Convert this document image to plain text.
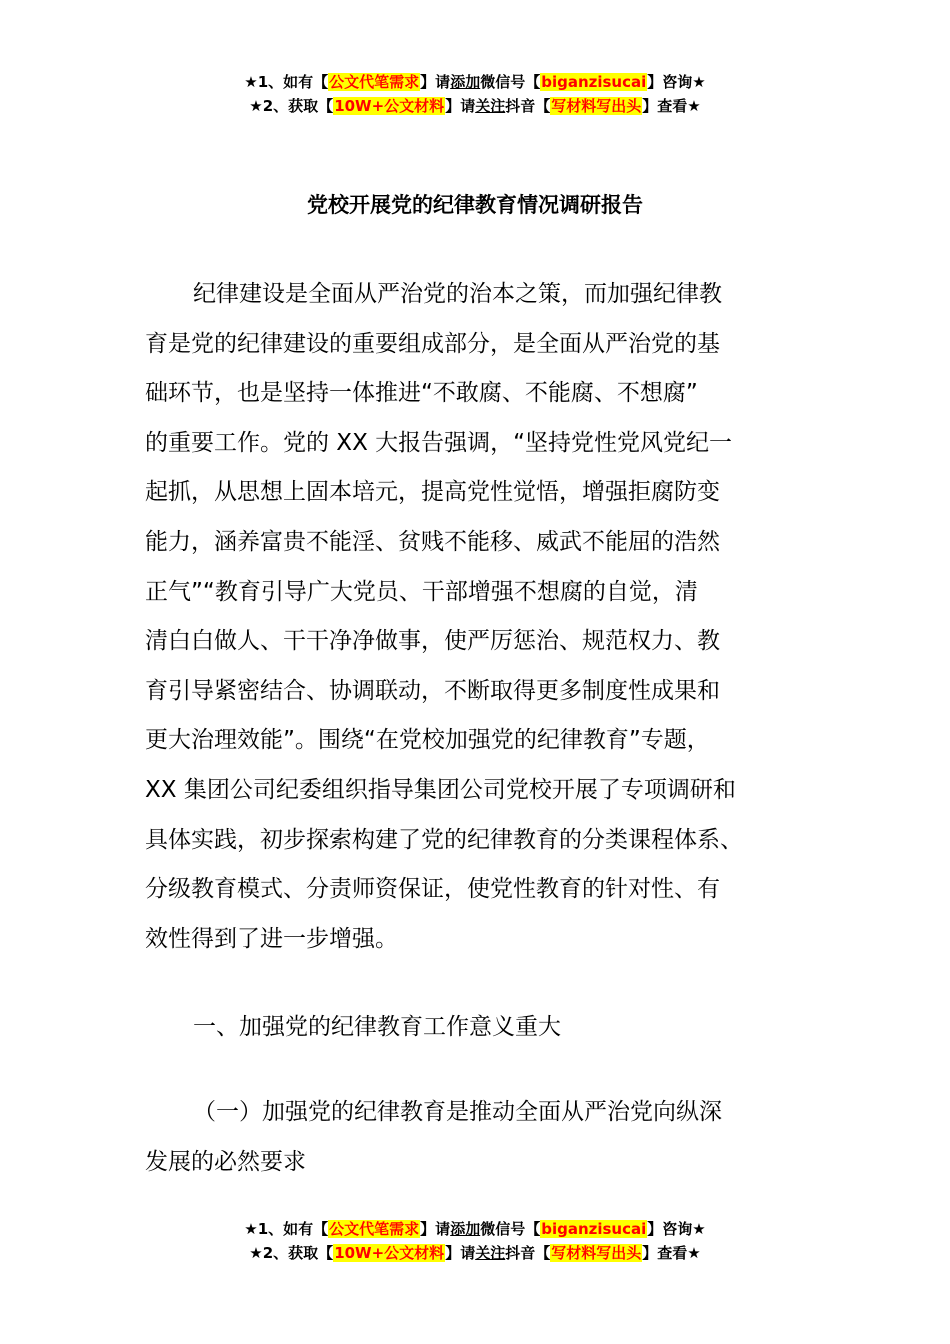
★1、如有【公文代笔需求】请添加微信号【biganzisucai】咨询★
★2、获取【10W+公文材料】请关注抖音【写材料写出头】查看★
党校开展党的纪律教育情况调研报告
纪律建设是全面从严治党的治本之策，而加强纪律教
育是党的纪律建设的重要组成部分，是全面从严治党的基
础环节，也是坚持一体推进“不敢腐、不能腐、不想腐”
的重要工作。党的 XX 大报告强调，“坚持党性党风党纪一
起抓，从思想上固本培元，提高党性觉悟，增强拒腐防变
能力，涵养富贵不能淫、贫贱不能移、威武不能屈的浩然
正气”“教育引导广大党员、干部增强不想腐的自觉，清
清白白做人、干干净净做事，使严厉惩治、规范权力、教
育引导紧密结合、协调联动，不断取得更多制度性成果和
更大治理效能”。围绕“在党校加强党的纪律教育”专题，
XX 集团公司纪委组织指导集团公司党校开展了专项调研和
具体实践，初步探索构建了党的纪律教育的分类课程体系、
分级教育模式、分责师资保证，使党性教育的针对性、有
效性得到了进一步增强。

一、加强党的纪律教育工作意义重大

（一）加强党的纪律教育是推动全面从严治党向纵深
发展的必然要求
★1、如有【公文代笔需求】请添加微信号【biganzisucai】咨询★
★2、获取【10W+公文材料】请关注抖音【写材料写出头】查看★
